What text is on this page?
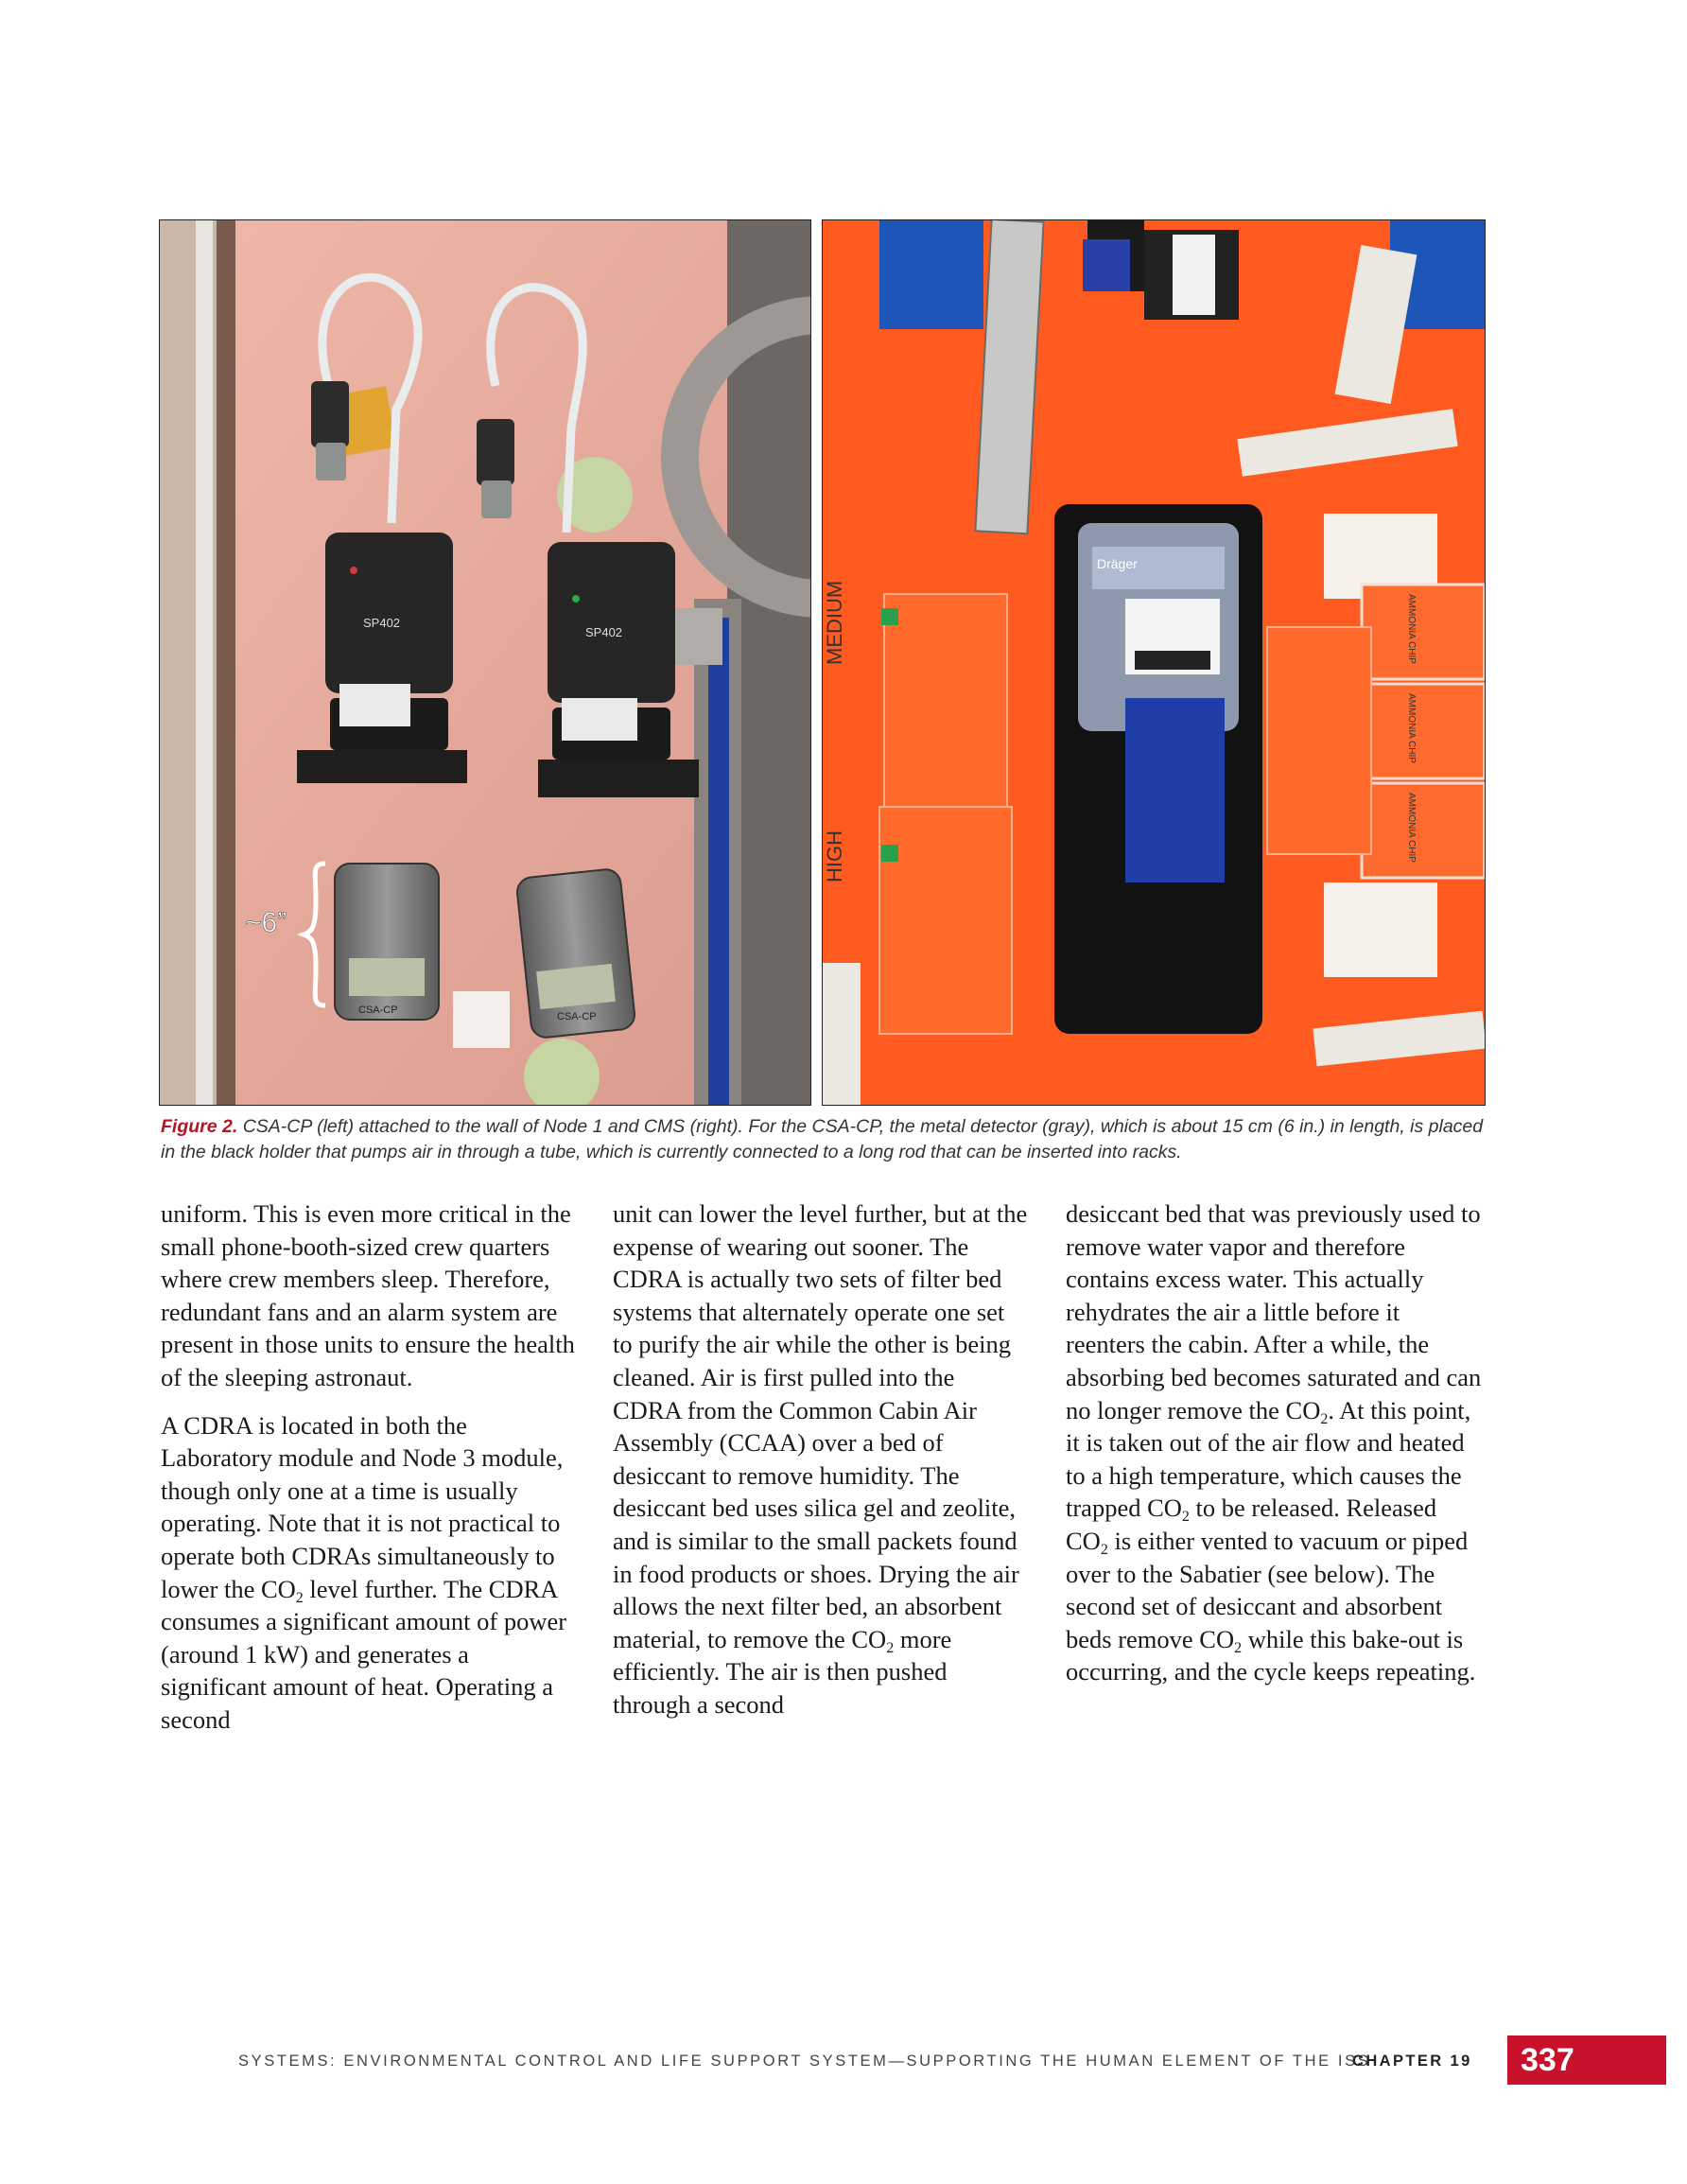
SP402
SP402
CSA-CP
CSA-CP
~6”
AMMONIA CHIP
AMMONIA CHIP
AMMONIA CHIP
MEDIUM
HIGH
Dräger
Figure 2. CSA-CP (left) attached to the wall of Node 1 and CMS (right). For the CSA-CP, the metal detector (gray), which is about 15 cm (6 in.) in length, is placed in the black holder that pumps air in through a tube, which is currently connected to a long rod that can be inserted into racks.

uniform. This is even more critical in the small phone-booth-sized crew quarters where crew members sleep. Therefore, redundant fans and an alarm system are present in those units to ensure the health of the sleeping astronaut.

A CDRA is located in both the Laboratory module and Node 3 module, though only one at a time is usually operating. Note that it is not practical to operate both CDRAs simultaneously to lower the $CO_2$ level further. The CDRA consumes a significant amount of power (around 1 kW) and generates a significant amount of heat. Operating a second

unit can lower the level further, but at the expense of wearing out sooner. The CDRA is actually two sets of filter bed systems that alternately operate one set to purify the air while the other is being cleaned. Air is first pulled into the CDRA from the Common Cabin Air Assembly (CCAA) over a bed of desiccant to remove humidity. The desiccant bed uses silica gel and zeolite, and is similar to the small packets found in food products or shoes. Drying the air allows the next filter bed, an absorbent material, to remove the $CO_2$ more efficiently. The air is then pushed through a second

desiccant bed that was previously used to remove water vapor and therefore contains excess water. This actually rehydrates the air a little before it reenters the cabin. After a while, the absorbing bed becomes saturated and can no longer remove the $CO_2$. At this point, it is taken out of the air flow and heated to a high temperature, which causes the trapped $CO_2$ to be released. Released $CO_2$ is either vented to vacuum or piped over to the Sabatier (see below). The second set of desiccant and absorbent beds remove $CO_2$ while this bake-out is occurring, and the cycle keeps repeating.

SYSTEMS: ENVIRONMENTAL CONTROL AND LIFE SUPPORT SYSTEM—SUPPORTING THE HUMAN ELEMENT OF THE ISS
CHAPTER 19	337
